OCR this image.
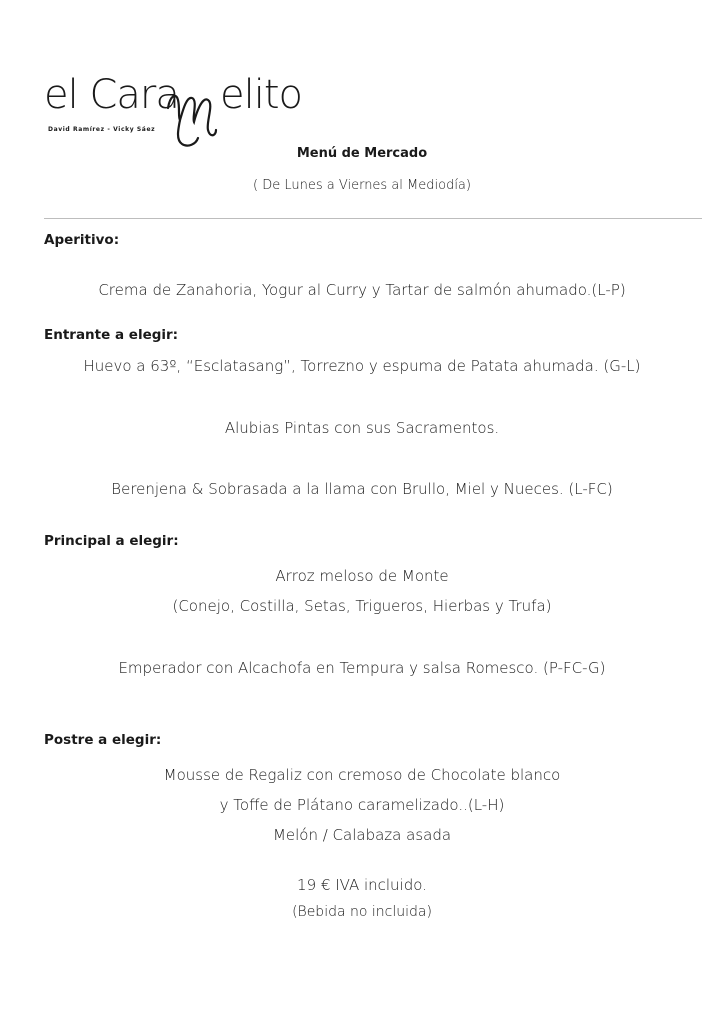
el Cara elito
David Ramírez - Vicky Sáez
Menú de Mercado
( De Lunes a Viernes al Mediodía)
Aperitivo:
Crema de Zanahoria, Yogur al Curry y Tartar de salmón ahumado.(L-P)
Entrante a elegir:
Huevo a 63º, “Esclatasang”, Torrezno y espuma de Patata ahumada. (G-L)
Alubias Pintas con sus Sacramentos.
Berenjena & Sobrasada a la llama con Brullo, Miel y Nueces. (L-FC)
Principal a elegir:
Arroz meloso de Monte
(Conejo, Costilla, Setas, Trigueros, Hierbas y Trufa)
Emperador con Alcachofa en Tempura y salsa Romesco. (P-FC-G)
Postre a elegir:
Mousse de Regaliz con cremoso de Chocolate blanco
y Toffe de Plátano caramelizado..(L-H)
Melón / Calabaza asada
19 € IVA incluido.
(Bebida no incluida)
